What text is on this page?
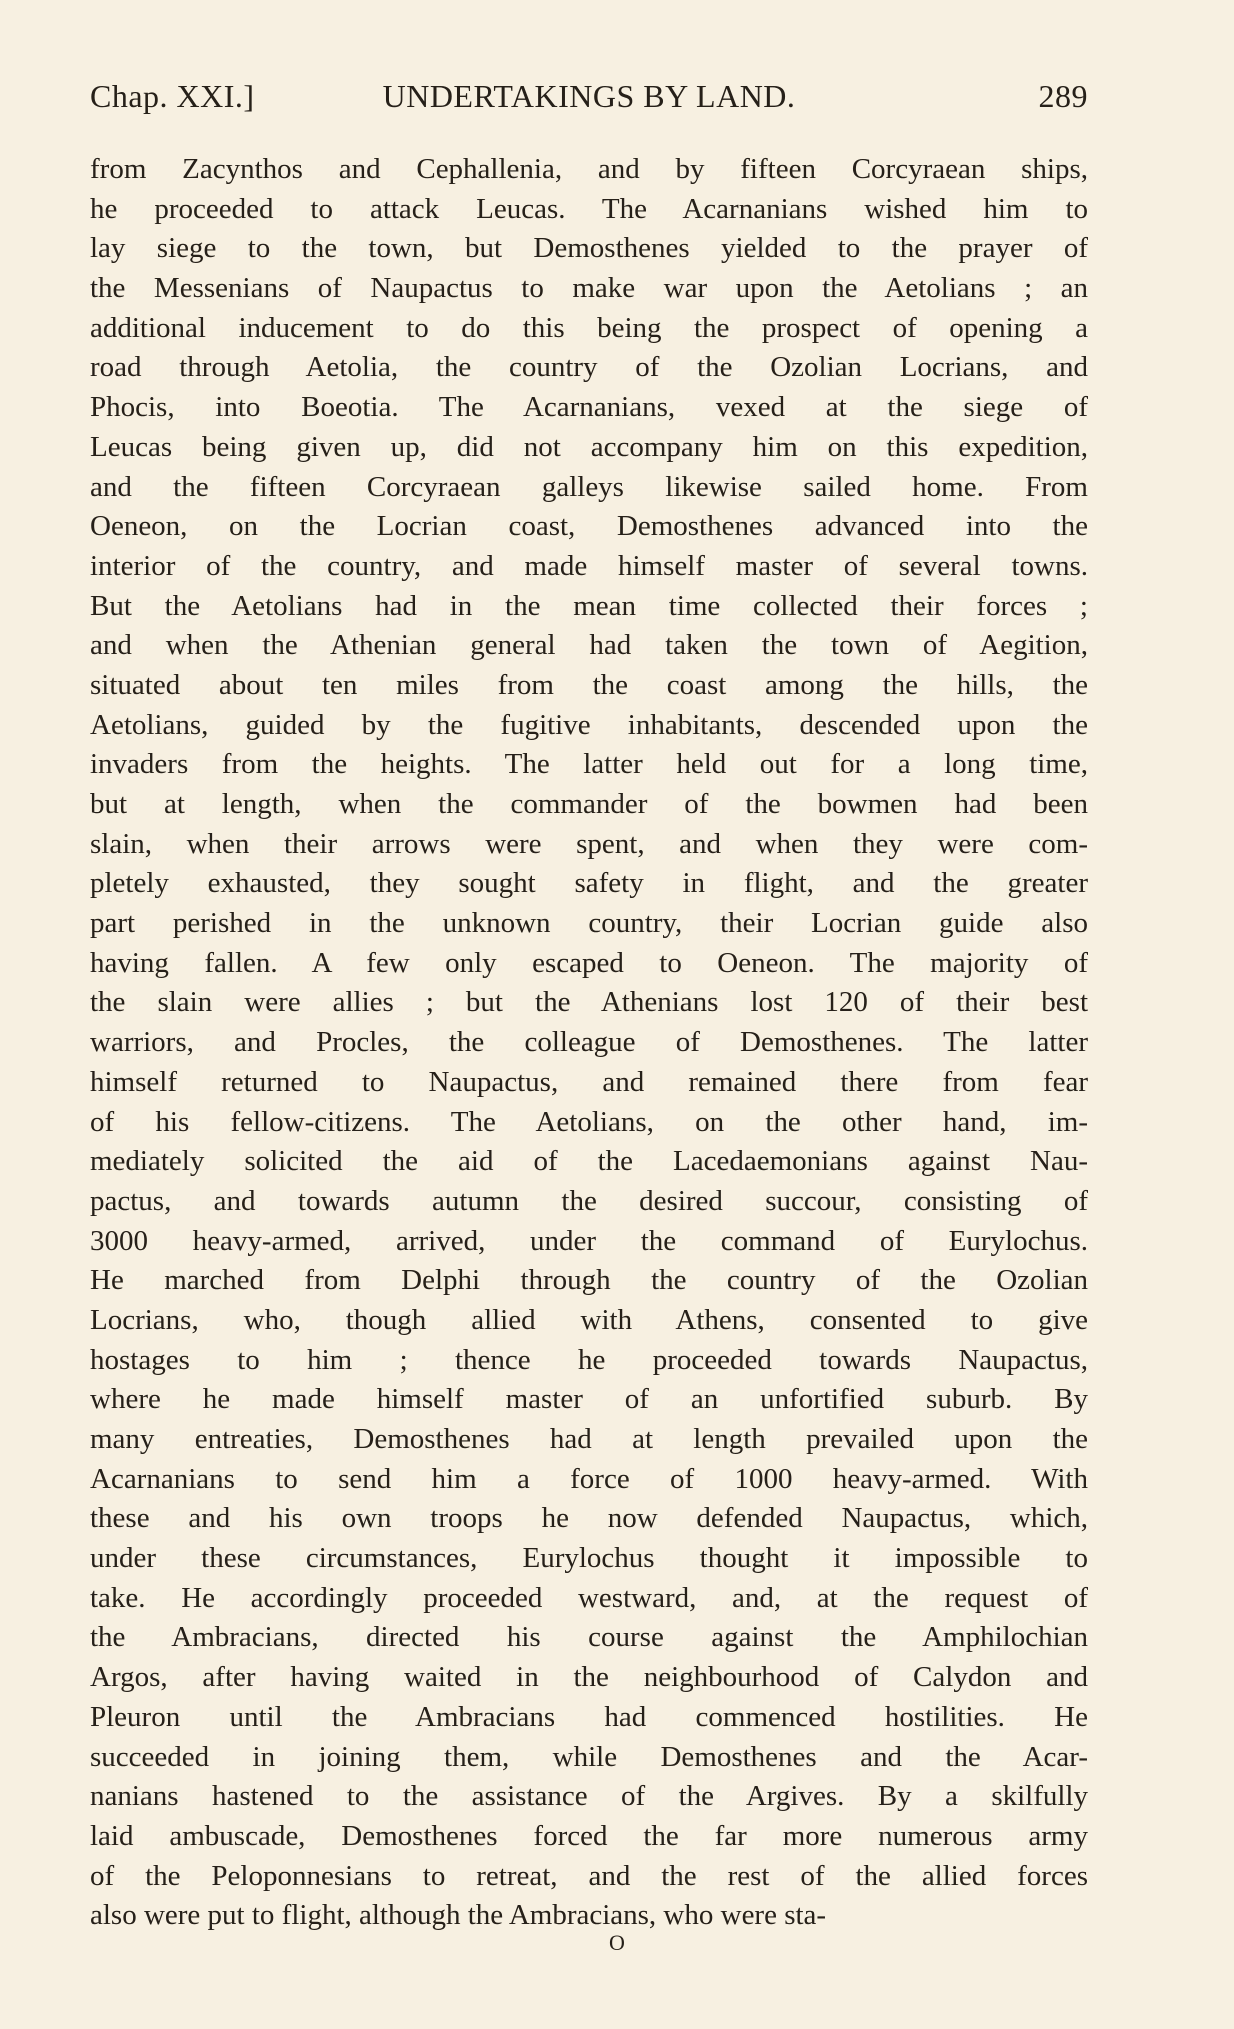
Chap. XXI.]	UNDERTAKINGS BY LAND.	289
from Zacynthos and Cephallenia, and by fifteen Corcyraean ships,
he proceeded to attack Leucas. The Acarnanians wished him to
lay siege to the town, but Demosthenes yielded to the prayer of
the Messenians of Naupactus to make war upon the Aetolians ; an
additional inducement to do this being the prospect of opening a
road through Aetolia, the country of the Ozolian Locrians, and
Phocis, into Boeotia. The Acarnanians, vexed at the siege of
Leucas being given up, did not accompany him on this expedition,
and the fifteen Corcyraean galleys likewise sailed home. From
Oeneon, on the Locrian coast, Demosthenes advanced into the
interior of the country, and made himself master of several towns.
But the Aetolians had in the mean time collected their forces ;
and when the Athenian general had taken the town of Aegition,
situated about ten miles from the coast among the hills, the
Aetolians, guided by the fugitive inhabitants, descended upon the
invaders from the heights. The latter held out for a long time,
but at length, when the commander of the bowmen had been
slain, when their arrows were spent, and when they were com-
pletely exhausted, they sought safety in flight, and the greater
part perished in the unknown country, their Locrian guide also
having fallen. A few only escaped to Oeneon. The majority of
the slain were allies ; but the Athenians lost 120 of their best
warriors, and Procles, the colleague of Demosthenes. The latter
himself returned to Naupactus, and remained there from fear
of his fellow-citizens. The Aetolians, on the other hand, im-
mediately solicited the aid of the Lacedaemonians against Nau-
pactus, and towards autumn the desired succour, consisting of
3000 heavy-armed, arrived, under the command of Eurylochus.
He marched from Delphi through the country of the Ozolian
Locrians, who, though allied with Athens, consented to give
hostages to him ; thence he proceeded towards Naupactus,
where he made himself master of an unfortified suburb. By
many entreaties, Demosthenes had at length prevailed upon the
Acarnanians to send him a force of 1000 heavy-armed. With
these and his own troops he now defended Naupactus, which,
under these circumstances, Eurylochus thought it impossible to
take. He accordingly proceeded westward, and, at the request of
the Ambracians, directed his course against the Amphilochian
Argos, after having waited in the neighbourhood of Calydon and
Pleuron until the Ambracians had commenced hostilities. He
succeeded in joining them, while Demosthenes and the Acar-
nanians hastened to the assistance of the Argives. By a skilfully
laid ambuscade, Demosthenes forced the far more numerous army
of the Peloponnesians to retreat, and the rest of the allied forces
also were put to flight, although the Ambracians, who were sta-
O
